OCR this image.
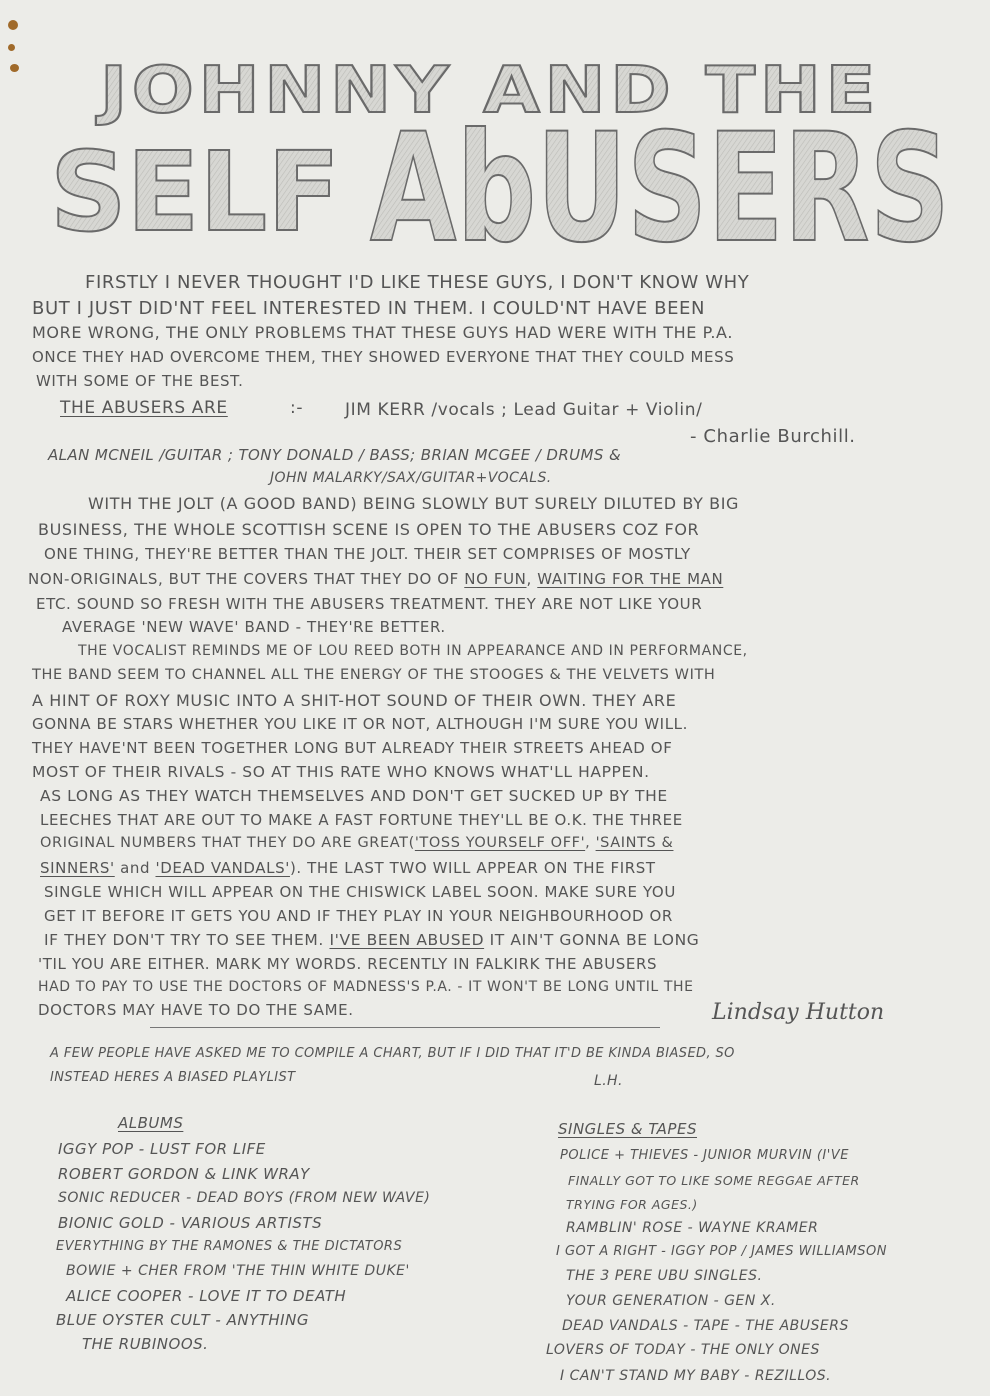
JOHNNY AND THE
SELF AbUSERS
FIRSTLY I NEVER THOUGHT I'D LIKE THESE GUYS, I DON'T KNOW WHY
BUT I JUST DID'NT FEEL INTERESTED IN THEM. I COULD'NT HAVE BEEN
MORE WRONG, THE ONLY PROBLEMS THAT THESE GUYS HAD WERE WITH THE P.A.
ONCE THEY HAD OVERCOME THEM, THEY SHOWED EVERYONE THAT THEY COULD MESS
WITH SOME OF THE BEST.
THE ABUSERS ARE	:- JIM KERR /vocals ; Lead Guitar + Violin/
- Charlie Burchill.
ALAN MCNEIL /GUITAR ; TONY DONALD / BASS; BRIAN MCGEE / DRUMS &
JOHN MALARKY/SAX/GUITAR+VOCALS.
WITH THE JOLT (A GOOD BAND) BEING SLOWLY BUT SURELY DILUTED BY BIG
BUSINESS, THE WHOLE SCOTTISH SCENE IS OPEN TO THE ABUSERS COZ FOR
ONE THING, THEY'RE BETTER THAN THE JOLT. THEIR SET COMPRISES OF MOSTLY
NON-ORIGINALS, BUT THE COVERS THAT THEY DO OF NO FUN, WAITING FOR THE MAN
ETC. SOUND SO FRESH WITH THE ABUSERS TREATMENT. THEY ARE NOT LIKE YOUR
AVERAGE 'NEW WAVE' BAND - THEY'RE BETTER.
THE VOCALIST REMINDS ME OF LOU REED BOTH IN APPEARANCE AND IN PERFORMANCE,
THE BAND SEEM TO CHANNEL ALL THE ENERGY OF THE STOOGES & THE VELVETS WITH
A HINT OF ROXY MUSIC INTO A SHIT-HOT SOUND OF THEIR OWN. THEY ARE
GONNA BE STARS WHETHER YOU LIKE IT OR NOT, ALTHOUGH I'M SURE YOU WILL.
THEY HAVE'NT BEEN TOGETHER LONG BUT ALREADY THEIR STREETS AHEAD OF
MOST OF THEIR RIVALS - SO AT THIS RATE WHO KNOWS WHAT'LL HAPPEN.
AS LONG AS THEY WATCH THEMSELVES AND DON'T GET SUCKED UP BY THE
LEECHES THAT ARE OUT TO MAKE A FAST FORTUNE THEY'LL BE O.K. THE THREE
ORIGINAL NUMBERS THAT THEY DO ARE GREAT('TOSS YOURSELF OFF', 'SAINTS &
SINNERS' and 'DEAD VANDALS'). THE LAST TWO WILL APPEAR ON THE FIRST
SINGLE WHICH WILL APPEAR ON THE CHISWICK LABEL SOON. MAKE SURE YOU
GET IT BEFORE IT GETS YOU AND IF THEY PLAY IN YOUR NEIGHBOURHOOD OR
IF THEY DON'T TRY TO SEE THEM. I'VE BEEN ABUSED IT AIN'T GONNA BE LONG
'TIL YOU ARE EITHER. MARK MY WORDS. RECENTLY IN FALKIRK THE ABUSERS
HAD TO PAY TO USE THE DOCTORS OF MADNESS'S P.A. - IT WON'T BE LONG UNTIL THE
DOCTORS MAY HAVE TO DO THE SAME.	Lindsay Hutton
A FEW PEOPLE HAVE ASKED ME TO COMPILE A CHART, BUT IF I DID THAT IT'D BE KINDA BIASED, SO
INSTEAD HERES A BIASED PLAYLIST	L.H.
ALBUMS
IGGY POP - LUST FOR LIFE
ROBERT GORDON & LINK WRAY
SONIC REDUCER - DEAD BOYS (FROM NEW WAVE)
BIONIC GOLD - VARIOUS ARTISTS
EVERYTHING BY THE RAMONES & THE DICTATORS
BOWIE + CHER FROM 'THE THIN WHITE DUKE'
ALICE COOPER - LOVE IT TO DEATH
BLUE OYSTER CULT - ANYTHING
THE RUBINOOS.
SINGLES & TAPES
POLICE + THIEVES - JUNIOR MURVIN (I'VE
FINALLY GOT TO LIKE SOME REGGAE AFTER
TRYING FOR AGES.)
RAMBLIN' ROSE - WAYNE KRAMER
I GOT A RIGHT - IGGY POP / JAMES WILLIAMSON
THE 3 PERE UBU SINGLES.
YOUR GENERATION - GEN X.
DEAD VANDALS - TAPE - THE ABUSERS
LOVERS OF TODAY - THE ONLY ONES
I CAN'T STAND MY BABY - REZILLOS.
